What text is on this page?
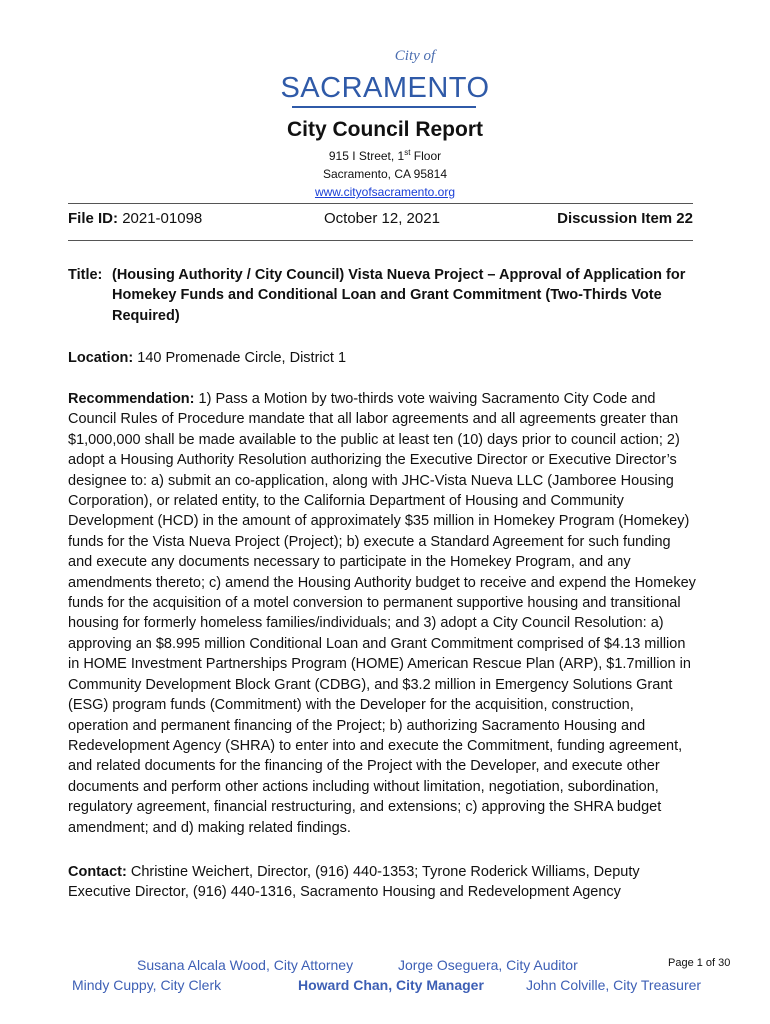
City of
SACRAMENTO
City Council Report
915 I Street, 1st Floor
Sacramento, CA 95814
www.cityofsacramento.org
File ID: 2021-01098	October 12, 2021	Discussion Item 22
Title: (Housing Authority / City Council) Vista Nueva Project – Approval of Application for Homekey Funds and Conditional Loan and Grant Commitment (Two-Thirds Vote Required)
Location: 140 Promenade Circle, District 1
Recommendation: 1) Pass a Motion by two-thirds vote waiving Sacramento City Code and Council Rules of Procedure mandate that all labor agreements and all agreements greater than $1,000,000 shall be made available to the public at least ten (10) days prior to council action; 2) adopt a Housing Authority Resolution authorizing the Executive Director or Executive Director’s designee to: a) submit an co-application, along with JHC-Vista Nueva LLC (Jamboree Housing Corporation), or related entity, to the California Department of Housing and Community Development (HCD) in the amount of approximately $35 million in Homekey Program (Homekey) funds for the Vista Nueva Project (Project); b) execute a Standard Agreement for such funding and execute any documents necessary to participate in the Homekey Program, and any amendments thereto; c) amend the Housing Authority budget to receive and expend the Homekey funds for the acquisition of a motel conversion to permanent supportive housing and transitional housing for formerly homeless families/individuals; and 3) adopt a City Council Resolution: a) approving an $8.995 million Conditional Loan and Grant Commitment comprised of $4.13 million in HOME Investment Partnerships Program (HOME) American Rescue Plan (ARP), $1.7million in Community Development Block Grant (CDBG), and $3.2 million in Emergency Solutions Grant (ESG) program funds (Commitment) with the Developer for the acquisition, construction, operation and permanent financing of the Project; b) authorizing Sacramento Housing and Redevelopment Agency (SHRA) to enter into and execute the Commitment, funding agreement, and related documents for the financing of the Project with the Developer, and execute other documents and perform other actions including without limitation, negotiation, subordination, regulatory agreement, financial restructuring, and extensions; c) approving the SHRA budget amendment; and d) making related findings.
Contact: Christine Weichert, Director, (916) 440-1353; Tyrone Roderick Williams, Deputy Executive Director, (916) 440-1316, Sacramento Housing and Redevelopment Agency
Susana Alcala Wood, City Attorney	Jorge Oseguera, City Auditor	Page 1 of 30
Mindy Cuppy, City Clerk	Howard Chan, City Manager	John Colville, City Treasurer
